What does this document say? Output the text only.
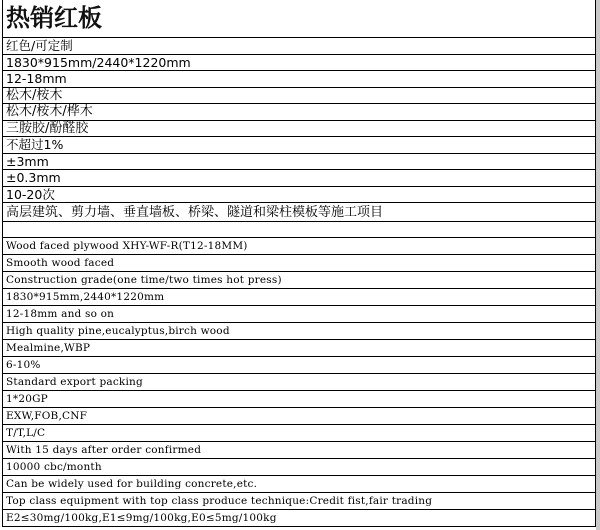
热销红板
红色/可定制
1830*915mm/2440*1220mm
12-18mm
松木/桉木
松木/桉木/桦木
三胺胶/酚醛胶
不超过1%
±3mm
±0.3mm
10-20次
高层建筑、剪力墙、垂直墙板、桥梁、隧道和梁柱模板等施工项目
Wood faced plywood XHY-WF-R(T12-18MM)
Smooth wood faced
Construction grade(one time/two times hot press)
1830*915mm,2440*1220mm
12-18mm and so on
High quality pine,eucalyptus,birch wood
Mealmine,WBP
6-10%
Standard export packing
1*20GP
EXW,FOB,CNF
T/T,L/C
With 15 days after order confirmed
10000 cbc/month
Can be widely used for building concrete,etc.
Top class equipment with top class produce technique:Credit fist,fair trading
E2≤30mg/100kg,E1≤9mg/100kg,E0≤5mg/100kg
